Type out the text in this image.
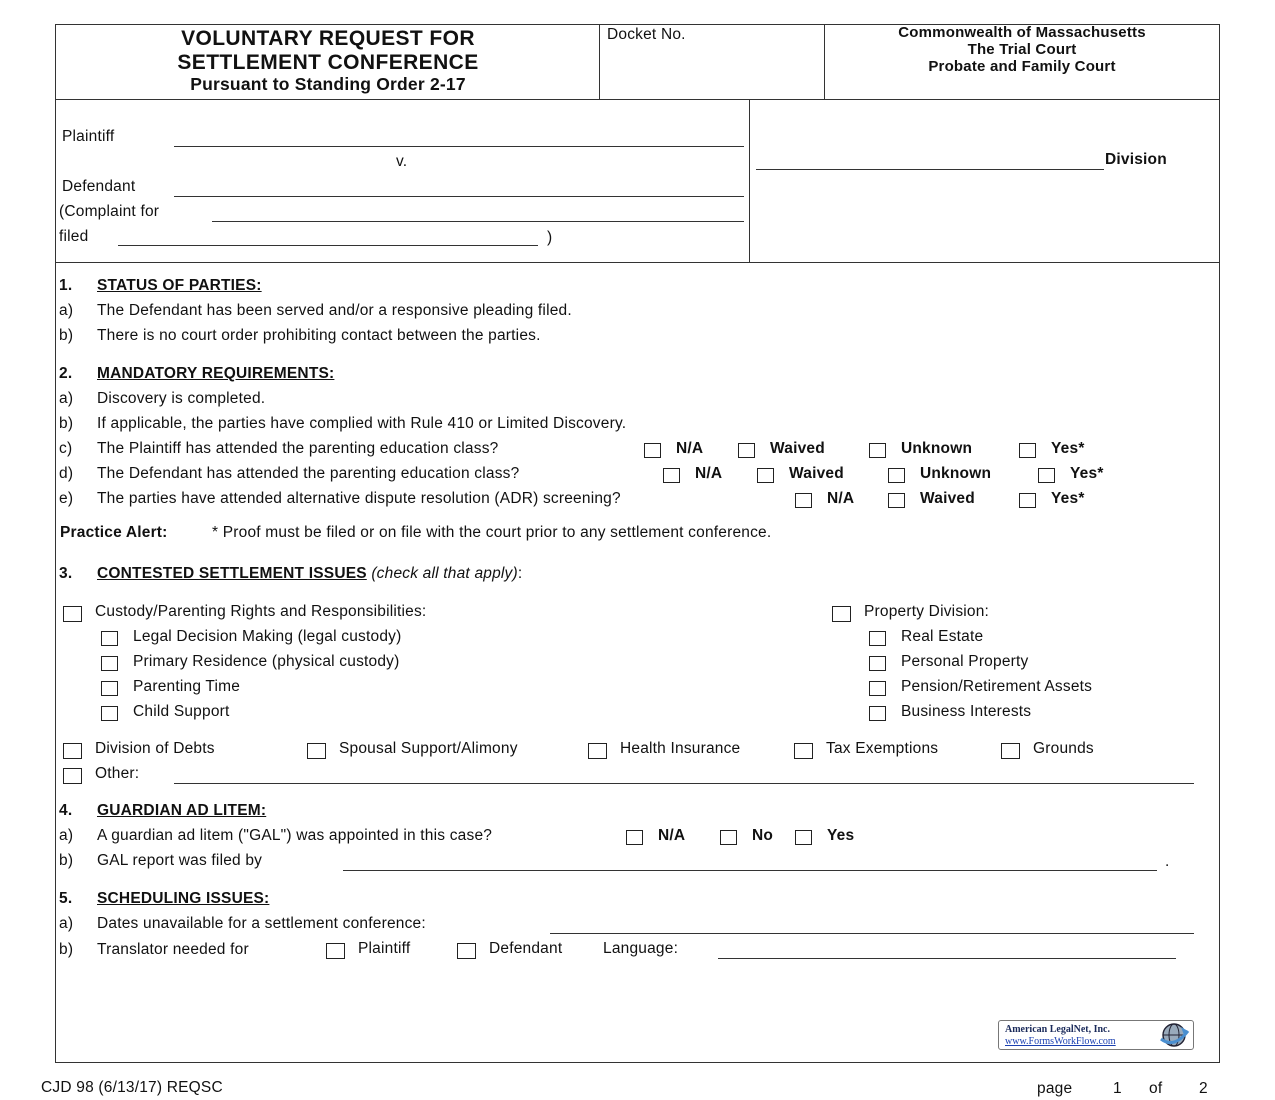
VOLUNTARY REQUEST FOR
SETTLEMENT CONFERENCE
Pursuant to Standing Order 2-17
Docket No.	Commonwealth of Massachusetts
The Trial Court
Probate and Family Court
Plaintiff
v.
Defendant
(Complaint for
filed	)
Division
1. STATUS OF PARTIES:
a) The Defendant has been served and/or a responsive pleading filed.
b) There is no court order prohibiting contact between the parties.
2. MANDATORY REQUIREMENTS:
a) Discovery is completed.
b) If applicable, the parties have complied with Rule 410 or Limited Discovery.
c) The Plaintiff has attended the parenting education class?	N/A	Waived	Unknown	Yes*
d) The Defendant has attended the parenting education class?	N/A	Waived	Unknown	Yes*
e) The parties have attended alternative dispute resolution (ADR) screening?	N/A	Waived	Yes*
Practice Alert:	* Proof must be filed or on file with the court prior to any settlement conference.
3. CONTESTED SETTLEMENT ISSUES (check all that apply):
Custody/Parenting Rights and Responsibilities:
Legal Decision Making (legal custody)
Primary Residence (physical custody)
Parenting Time
Child Support
Property Division:
Real Estate
Personal Property
Pension/Retirement Assets
Business Interests
Division of Debts	Spousal Support/Alimony	Health Insurance	Tax Exemptions	Grounds
Other:
4. GUARDIAN AD LITEM:
a) A guardian ad litem ("GAL") was appointed in this case?	N/A	No	Yes
b) GAL report was filed by	.
5. SCHEDULING ISSUES:
a) Dates unavailable for a settlement conference:
b) Translator needed for	Plaintiff	Defendant	Language:
American LegalNet, Inc.
www.FormsWorkFlow.com
CJD 98 (6/13/17) REQSC	page	1 of 2
